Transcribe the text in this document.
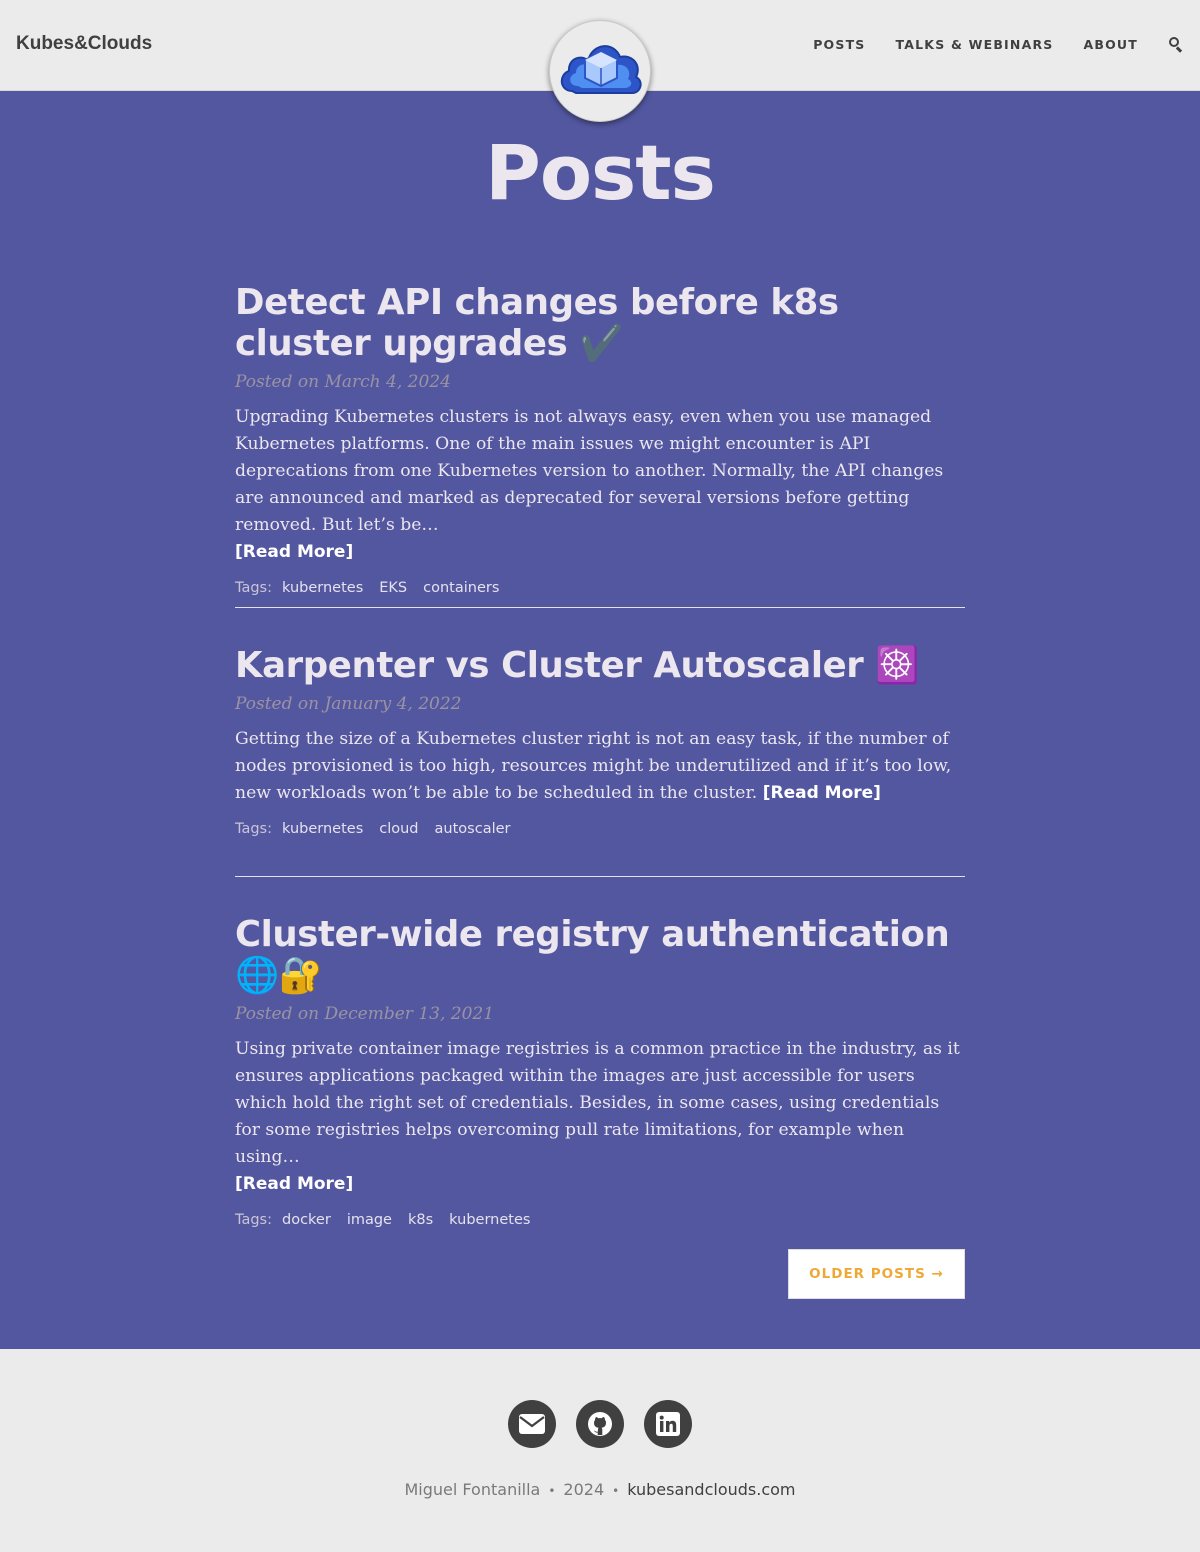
Kubes&Clouds	POSTS TALKS & WEBINARS ABOUT
Posts
Detect API changes before k8s cluster upgrades ✔️

Posted on March 4, 2024

Upgrading Kubernetes clusters is not always easy, even when you use managed Kubernetes platforms. One of the main issues we might encounter is API deprecations from one Kubernetes version to another. Normally, the API changes are announced and marked as deprecated for several versions before getting removed. But let’s be…
[Read More]
Tags: kubernetes EKS containers
Karpenter vs Cluster Autoscaler ☸️

Posted on January 4, 2022

Getting the size of a Kubernetes cluster right is not an easy task, if the number of nodes provisioned is too high, resources might be underutilized and if it’s too low, new workloads won’t be able to be scheduled in the cluster. [Read More]
Tags: kubernetes cloud autoscaler
Cluster-wide registry authentication 🌐🔐

Posted on December 13, 2021

Using private container image registries is a common practice in the industry, as it ensures applications packaged within the images are just accessible for users which hold the right set of credentials. Besides, in some cases, using credentials for some registries helps overcoming pull rate limitations, for example when using…
[Read More]
Tags: docker image k8s kubernetes
OLDER POSTS →

Miguel Fontanilla • 2024 • kubesandclouds.com
